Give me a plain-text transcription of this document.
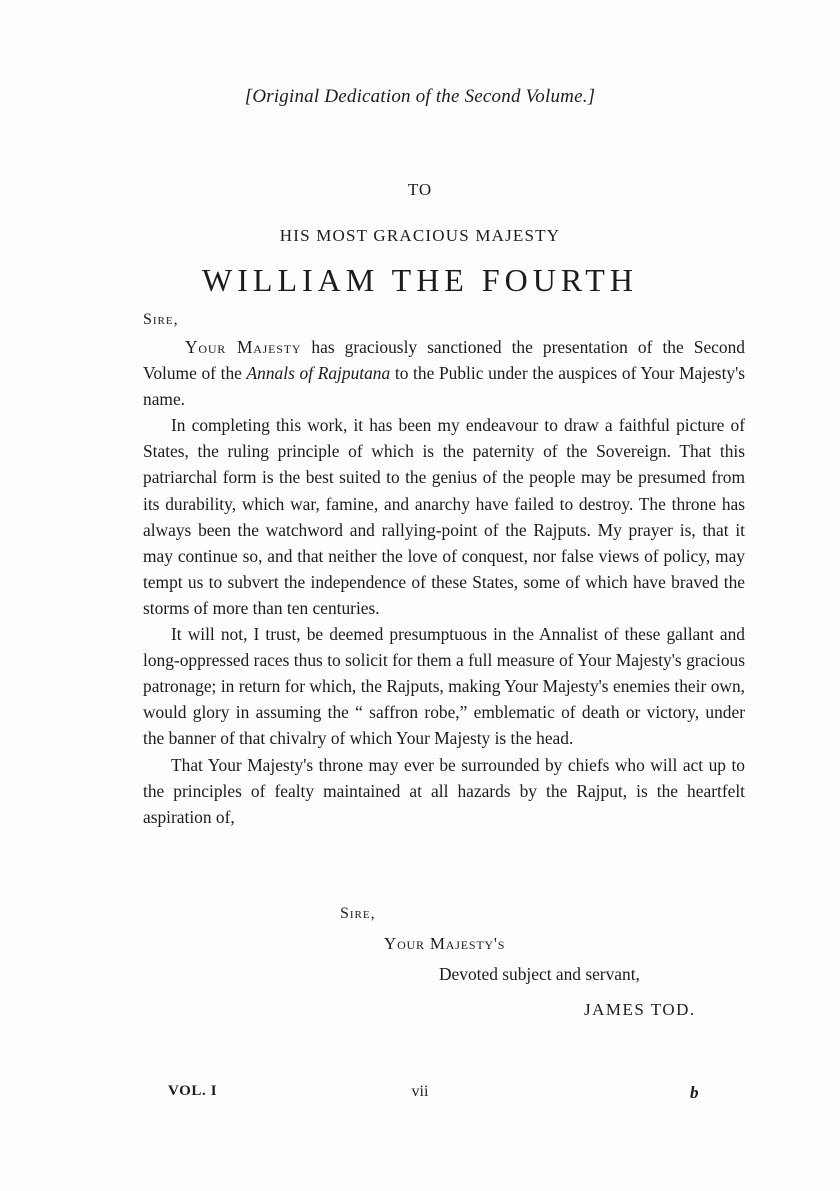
[Original Dedication of the Second Volume.]
TO
HIS MOST GRACIOUS MAJESTY
WILLIAM THE FOURTH
Sire,

Your Majesty has graciously sanctioned the presentation of the Second Volume of the Annals of Rajputana to the Public under the auspices of Your Majesty's name.

In completing this work, it has been my endeavour to draw a faithful picture of States, the ruling principle of which is the paternity of the Sovereign. That this patriarchal form is the best suited to the genius of the people may be presumed from its durability, which war, famine, and anarchy have failed to destroy. The throne has always been the watchword and rallying-point of the Rajputs. My prayer is, that it may continue so, and that neither the love of conquest, nor false views of policy, may tempt us to subvert the independence of these States, some of which have braved the storms of more than ten centuries.

It will not, I trust, be deemed presumptuous in the Annalist of these gallant and long-oppressed races thus to solicit for them a full measure of Your Majesty's gracious patronage; in return for which, the Rajputs, making Your Majesty's enemies their own, would glory in assuming the “ saffron robe,” emblematic of death or victory, under the banner of that chivalry of which Your Majesty is the head.

That Your Majesty's throne may ever be surrounded by chiefs who will act up to the principles of fealty maintained at all hazards by the Rajput, is the heartfelt aspiration of,

Sire,
Your Majesty's
Devoted subject and servant,
JAMES TOD.
VOL. I	vii	b
